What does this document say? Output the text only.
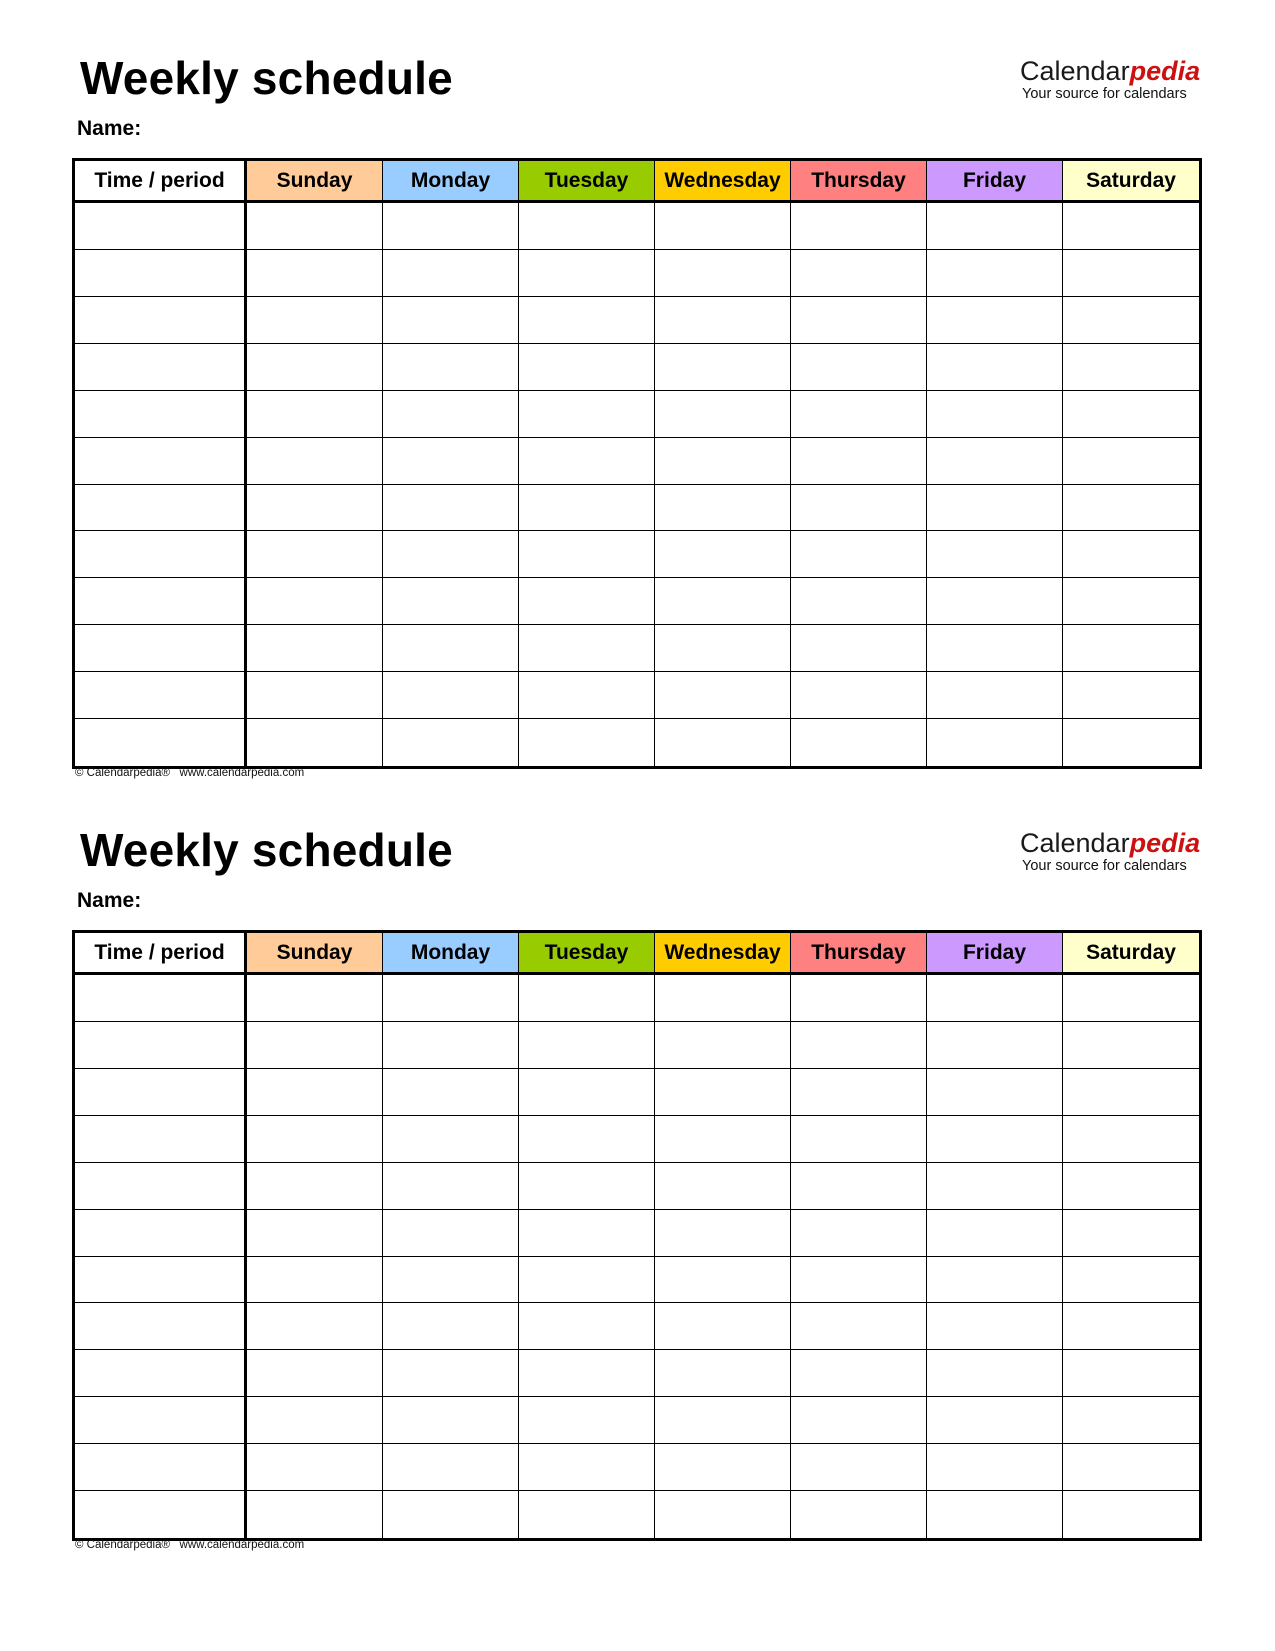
Weekly schedule
Name:
Calendarpedia
Your source for calendars
Time / period	Sunday	Monday	Tuesday	Wednesday	Thursday	Friday	Saturday
© Calendarpedia®   www.calendarpedia.com
Weekly schedule
Name:
Calendarpedia
Your source for calendars
Time / period	Sunday	Monday	Tuesday	Wednesday	Thursday	Friday	Saturday
© Calendarpedia®   www.calendarpedia.com
